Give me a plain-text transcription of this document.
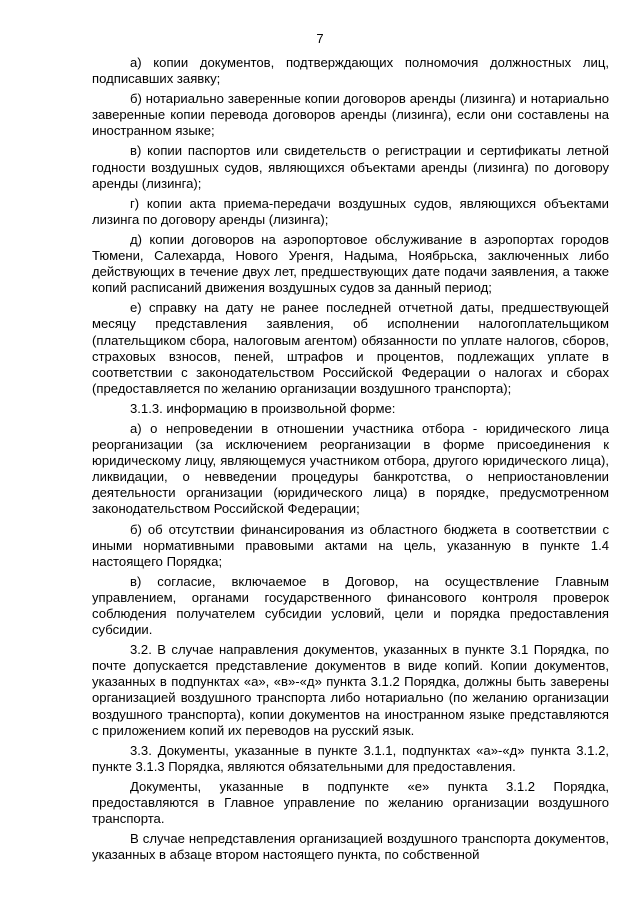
7

а) копии документов, подтверждающих полномочия должностных лиц, подписавших заявку;

б) нотариально заверенные копии договоров аренды (лизинга) и нотариально заверенные копии перевода договоров аренды (лизинга), если они составлены на иностранном языке;

в) копии паспортов или свидетельств о регистрации и сертификаты летной годности воздушных судов, являющихся объектами аренды (лизинга) по договору аренды (лизинга);

г) копии акта приема-передачи воздушных судов, являющихся объектами лизинга по договору аренды (лизинга);

д) копии договоров на аэропортовое обслуживание в аэропортах городов Тюмени, Салехарда, Нового Уренгя, Надыма, Ноябрьска, заключенных либо действующих в течение двух лет, предшествующих дате подачи заявления, а также копий расписаний движения воздушных судов за данный период;

е) справку на дату не ранее последней отчетной даты, предшествующей месяцу представления заявления, об исполнении налогоплательщиком (плательщиком сбора, налоговым агентом) обязанности по уплате налогов, сборов, страховых взносов, пеней, штрафов и процентов, подлежащих уплате в соответствии с законодательством Российской Федерации о налогах и сборах (предоставляется по желанию организации воздушного транспорта);

3.1.3. информацию в произвольной форме:

а) о непроведении в отношении участника отбора - юридического лица реорганизации (за исключением реорганизации в форме присоединения к юридическому лицу, являющемуся участником отбора, другого юридического лица), ликвидации, о невведении процедуры банкротства, о неприостановлении деятельности организации (юридического лица) в порядке, предусмотренном законодательством Российской Федерации;

б) об отсутствии финансирования из областного бюджета в соответствии с иными нормативными правовыми актами на цель, указанную в пункте 1.4 настоящего Порядка;

в) согласие, включаемое в Договор, на осуществление Главным управлением, органами государственного финансового контроля проверок соблюдения получателем субсидии условий, цели и порядка предоставления субсидии.

3.2. В случае направления документов, указанных в пункте 3.1 Порядка, по почте допускается представление документов в виде копий. Копии документов, указанных в подпунктах «а», «в»-«д» пункта 3.1.2 Порядка, должны быть заверены организацией воздушного транспорта либо нотариально (по желанию организации воздушного транспорта), копии документов на иностранном языке представляются с приложением копий их переводов на русский язык.

3.3. Документы, указанные в пункте 3.1.1, подпунктах «а»-«д» пункта 3.1.2, пункте 3.1.3 Порядка, являются обязательными для предоставления.

Документы, указанные в подпункте «е» пункта 3.1.2 Порядка, предоставляются в Главное управление по желанию организации воздушного транспорта.

В случае непредставления организацией воздушного транспорта документов, указанных в абзаце втором настоящего пункта, по собственной
